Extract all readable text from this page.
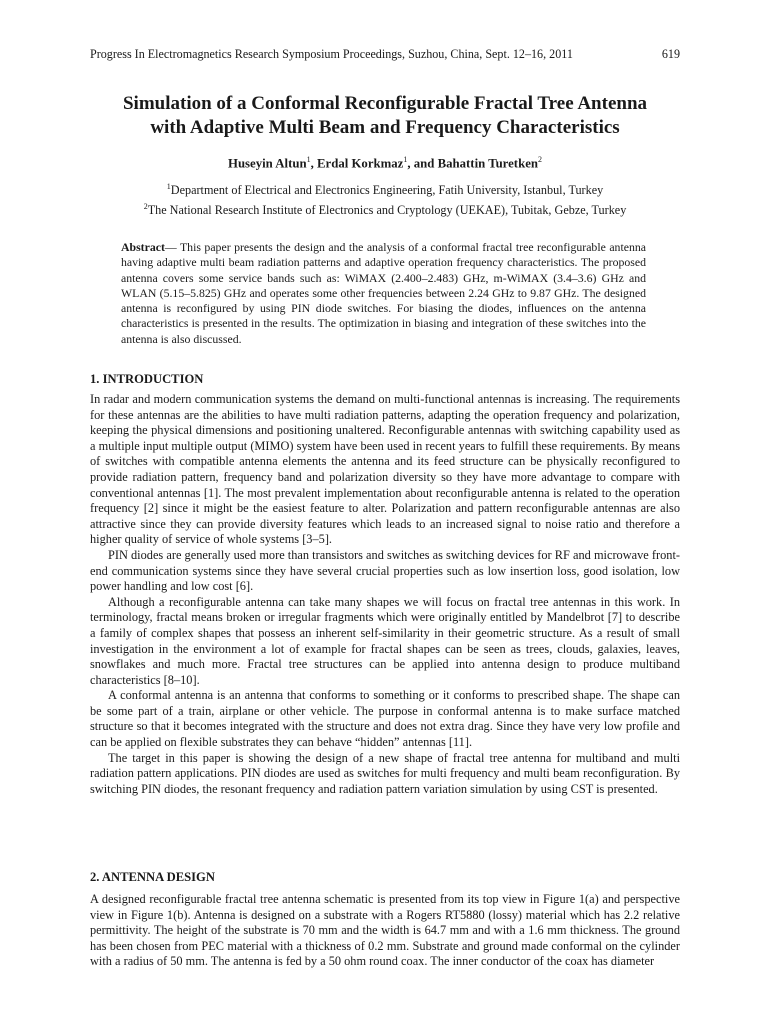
Progress In Electromagnetics Research Symposium Proceedings, Suzhou, China, Sept. 12–16, 2011	619
Simulation of a Conformal Reconfigurable Fractal Tree Antenna
with Adaptive Multi Beam and Frequency Characteristics
Huseyin Altun$^1$, Erdal Korkmaz$^1$, and Bahattin Turetken$^2$
$^1$Department of Electrical and Electronics Engineering, Fatih University, Istanbul, Turkey
$^2$The National Research Institute of Electronics and Cryptology (UEKAE), Tubitak, Gebze, Turkey
Abstract— This paper presents the design and the analysis of a conformal fractal tree reconfigurable antenna having adaptive multi beam radiation patterns and adaptive operation frequency characteristics. The proposed antenna covers some service bands such as: WiMAX (2.400–2.483) GHz, m-WiMAX (3.4–3.6) GHz and WLAN (5.15–5.825) GHz and operates some other frequencies between 2.24 GHz to 9.87 GHz. The designed antenna is reconfigured by using PIN diode switches. For biasing the diodes, influences on the antenna characteristics is presented in the results. The optimization in biasing and integration of these switches into the antenna is also discussed.
1. INTRODUCTION

In radar and modern communication systems the demand on multi-functional antennas is increasing. The requirements for these antennas are the abilities to have multi radiation patterns, adapting the operation frequency and polarization, keeping the physical dimensions and positioning unaltered. Reconfigurable antennas with switching capability used as a multiple input multiple output (MIMO) system have been used in recent years to fulfill these requirements. By means of switches with compatible antenna elements the antenna and its feed structure can be physically reconfigured to provide radiation pattern, frequency band and polarization diversity so they have more advantage to compare with conventional antennas [1]. The most prevalent implementation about reconfigurable antenna is related to the operation frequency [2] since it might be the easiest feature to alter. Polarization and pattern reconfigurable antennas are also attractive since they can provide diversity features which leads to an increased signal to noise ratio and therefore a higher quality of service of whole systems [3–5].

PIN diodes are generally used more than transistors and switches as switching devices for RF and microwave front-end communication systems since they have several crucial properties such as low insertion loss, good isolation, low power handling and low cost [6].

Although a reconfigurable antenna can take many shapes we will focus on fractal tree antennas in this work. In terminology, fractal means broken or irregular fragments which were originally entitled by Mandelbrot [7] to describe a family of complex shapes that possess an inherent self-similarity in their geometric structure. As a result of small investigation in the environment a lot of example for fractal shapes can be seen as trees, clouds, galaxies, leaves, snowflakes and much more. Fractal tree structures can be applied into antenna design to produce multiband characteristics [8–10].

A conformal antenna is an antenna that conforms to something or it conforms to prescribed shape. The shape can be some part of a train, airplane or other vehicle. The purpose in conformal antenna is to make surface matched structure so that it becomes integrated with the structure and does not extra drag. Since they have very low profile and can be applied on flexible substrates they can behave “hidden” antennas [11].

The target in this paper is showing the design of a new shape of fractal tree antenna for multiband and multi radiation pattern applications. PIN diodes are used as switches for multi frequency and multi beam reconfiguration. By switching PIN diodes, the resonant frequency and radiation pattern variation simulation by using CST is presented.

2. ANTENNA DESIGN

A designed reconfigurable fractal tree antenna schematic is presented from its top view in Figure 1(a) and perspective view in Figure 1(b). Antenna is designed on a substrate with a Rogers RT5880 (lossy) material which has 2.2 relative permittivity. The height of the substrate is 70 mm and the width is 64.7 mm and with a 1.6 mm thickness. The ground has been chosen from PEC material with a thickness of 0.2 mm. Substrate and ground made conformal on the cylinder with a radius of 50 mm. The antenna is fed by a 50 ohm round coax. The inner conductor of the coax has diameter
